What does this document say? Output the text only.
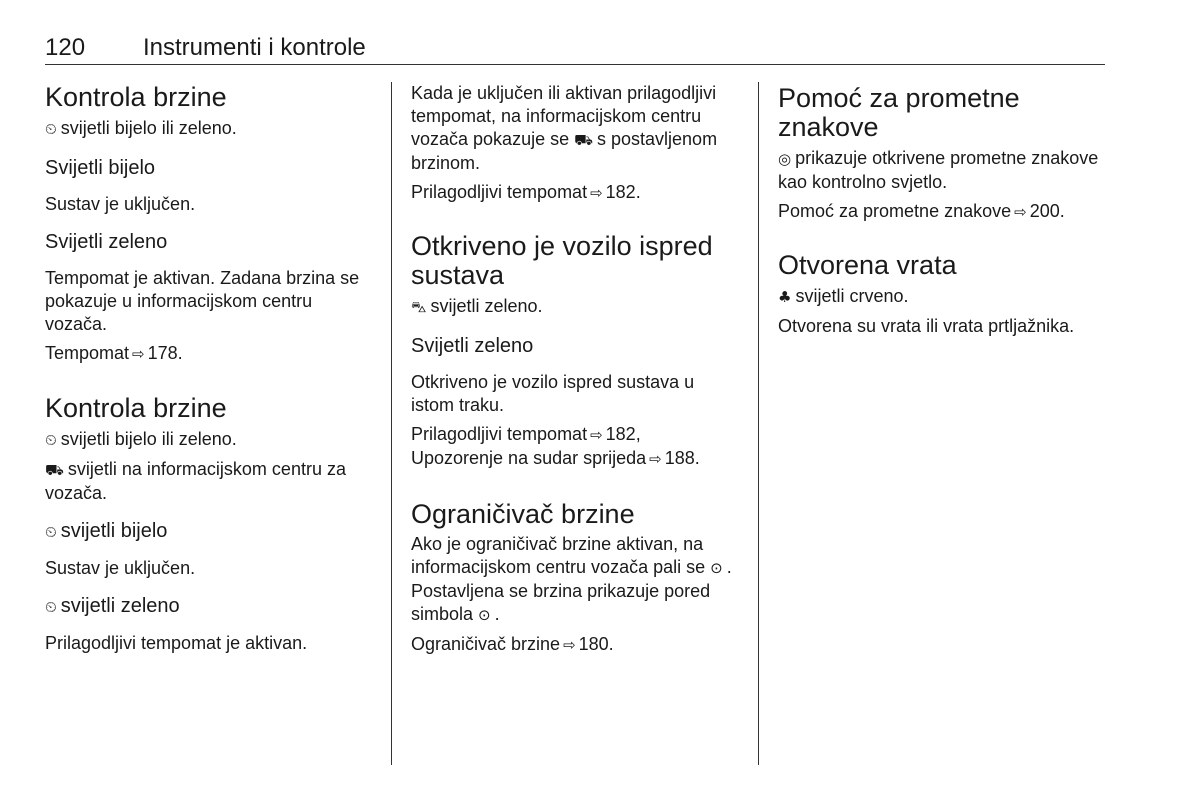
120 Instrumenti i kontrole
Kontrola brzine

⏲ svijetli bijelo ili zeleno.

Svijetli bijelo

Sustav je uključen.

Svijetli zeleno

Tempomat je aktivan. Zadana brzina se pokazuje u informacijskom centru vozača.

Tempomat ⇨ 178.

Kontrola brzine

⏲ svijetli bijelo ili zeleno.

⛟ svijetli na informacijskom centru za vozača.

⏲ svijetli bijelo

Sustav je uključen.

⏲ svijetli zeleno

Prilagodljivi tempomat je aktivan.

Kada je uključen ili aktivan prilagodljivi tempomat, na informacijskom centru vozača pokazuje se ⛟ s postavljenom brzinom.

Prilagodljivi tempomat ⇨ 182.

Otkriveno je vozilo ispred sustava

⛍ svijetli zeleno.

Svijetli zeleno

Otkriveno je vozilo ispred sustava u istom traku.

Prilagodljivi tempomat ⇨ 182,
Upozorenje na sudar sprijeda ⇨ 188.

Ograničivač brzine

Ako je ograničivač brzine aktivan, na informacijskom centru vozača pali se ⊙ . Postavljena se brzina prikazuje pored simbola ⊙ .

Ograničivač brzine ⇨ 180.

Pomoć za prometne znakove

◎ prikazuje otkrivene prometne znakove kao kontrolno svjetlo.

Pomoć za prometne znakove ⇨ 200.

Otvorena vrata

♣ svijetli crveno.

Otvorena su vrata ili vrata prtljažnika.
